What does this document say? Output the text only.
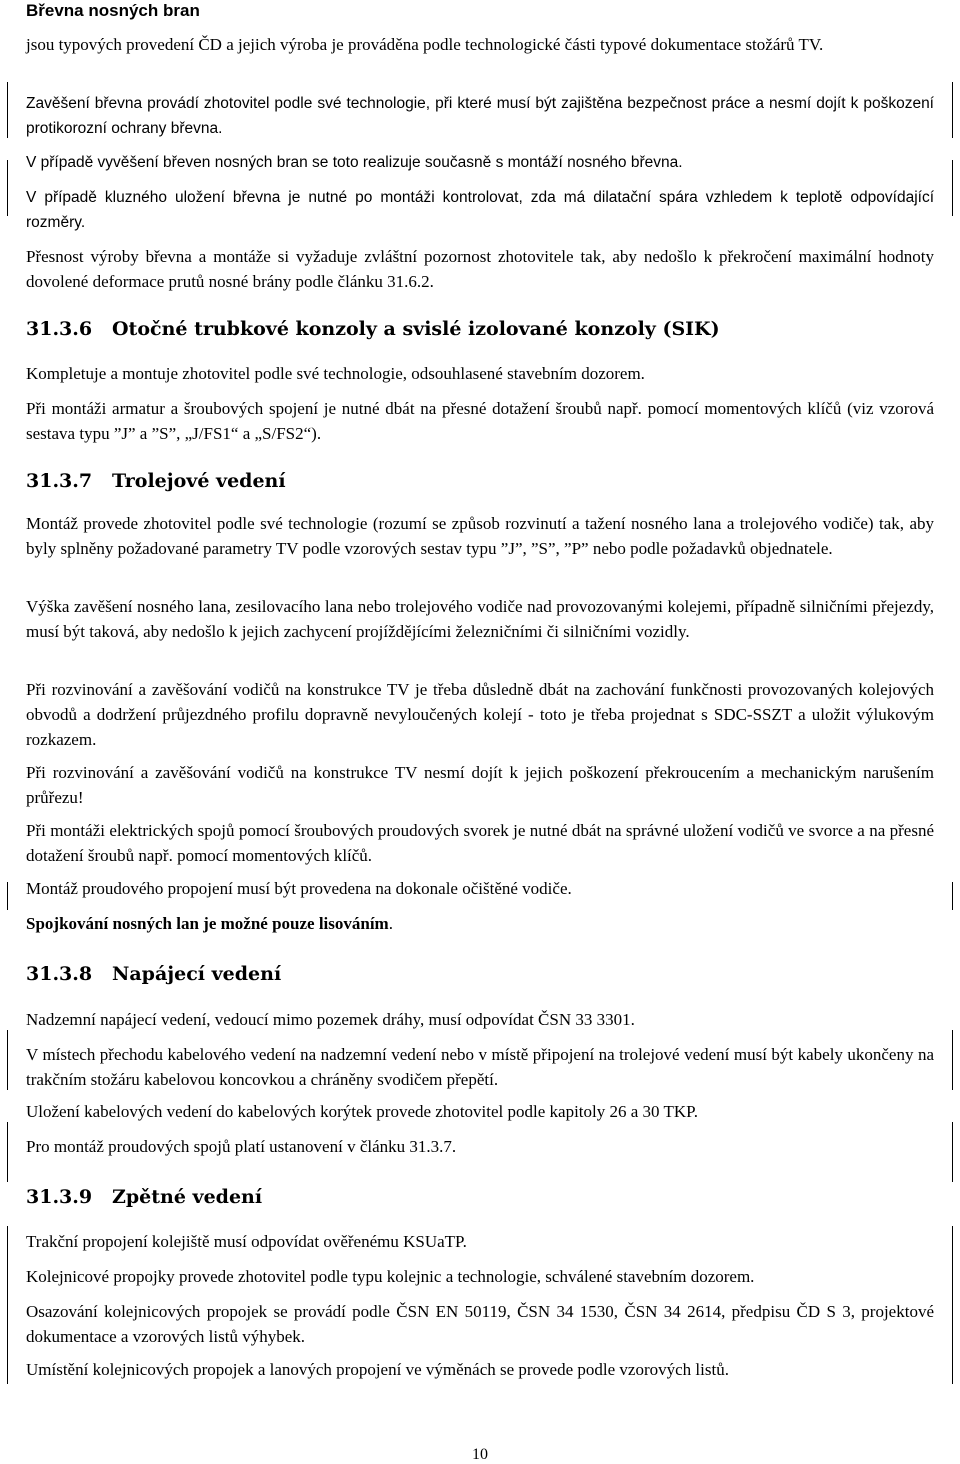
Břevna nosných bran

jsou typových provedení ČD a jejich výroba je prováděna podle technologické části typové dokumentace stožárů TV.

Zavěšení břevna provádí zhotovitel podle své technologie, při které musí být zajištěna bezpečnost práce a nesmí dojít k poškození protikorozní ochrany břevna.

V případě vyvěšení břeven nosných bran se toto realizuje současně s montáží nosného břevna.

V případě kluzného uložení břevna je nutné po montáži kontrolovat, zda má dilatační spára vzhledem k teplotě odpovídající rozměry.

Přesnost výroby břevna a montáže si vyžaduje zvláštní pozornost zhotovitele tak, aby nedošlo k překročení maximální hodnoty dovolené deformace prutů nosné brány podle článku 31.6.2.

31.3.6 Otočné trubkové konzoly a svislé izolované konzoly (SIK)

Kompletuje a montuje zhotovitel podle své technologie, odsouhlasené stavebním dozorem.

Při montáži armatur a šroubových spojení je nutné dbát na přesné dotažení šroubů např. pomocí momentových klíčů (viz vzorová sestava typu ”J” a ”S”, „J/FS1“ a „S/FS2“).

31.3.7 Trolejové vedení

Montáž provede zhotovitel podle své technologie (rozumí se způsob rozvinutí a tažení nosného lana a trolejového vodiče) tak, aby byly splněny požadované parametry TV podle vzorových sestav typu ”J”, ”S”, ”P” nebo podle požadavků objednatele.

Výška zavěšení nosného lana, zesilovacího lana nebo trolejového vodiče nad provozovanými kolejemi, případně silničními přejezdy, musí být taková, aby nedošlo k jejich zachycení projíždějícími železničními či silničními vozidly.

Při rozvinování a zavěšování vodičů na konstrukce TV je třeba důsledně dbát na zachování funkčnosti provozovaných kolejových obvodů a dodržení průjezdného profilu dopravně nevyloučených kolejí - toto je třeba projednat s SDC-SSZT a uložit výlukovým rozkazem.

Při rozvinování a zavěšování vodičů na konstrukce TV nesmí dojít k jejich poškození překroucením a mechanickým narušením průřezu!

Při montáži elektrických spojů pomocí šroubových proudových svorek je nutné dbát na správné uložení vodičů ve svorce a na přesné dotažení šroubů např. pomocí momentových klíčů.

Montáž proudového propojení musí být provedena na dokonale očištěné vodiče.

Spojkování nosných lan je možné pouze lisováním.

31.3.8 Napájecí vedení

Nadzemní napájecí vedení, vedoucí mimo pozemek dráhy, musí odpovídat ČSN 33 3301.

V místech přechodu kabelového vedení na nadzemní vedení nebo v místě připojení na trolejové vedení musí být kabely ukončeny na trakčním stožáru kabelovou koncovkou a chráněny svodičem přepětí.

Uložení kabelových vedení do kabelových korýtek provede zhotovitel podle kapitoly 26 a 30 TKP.

Pro montáž proudových spojů platí ustanovení v článku 31.3.7.

31.3.9 Zpětné vedení

Trakční propojení kolejiště musí odpovídat ověřenému KSUaTP.

Kolejnicové propojky provede zhotovitel podle typu kolejnic a technologie, schválené stavebním dozorem.

Osazování kolejnicových propojek se provádí podle ČSN EN 50119, ČSN 34 1530, ČSN 34 2614, předpisu ČD S 3, projektové dokumentace a vzorových listů výhybek.

Umístění kolejnicových propojek a lanových propojení ve výměnách se provede podle vzorových listů.

10
